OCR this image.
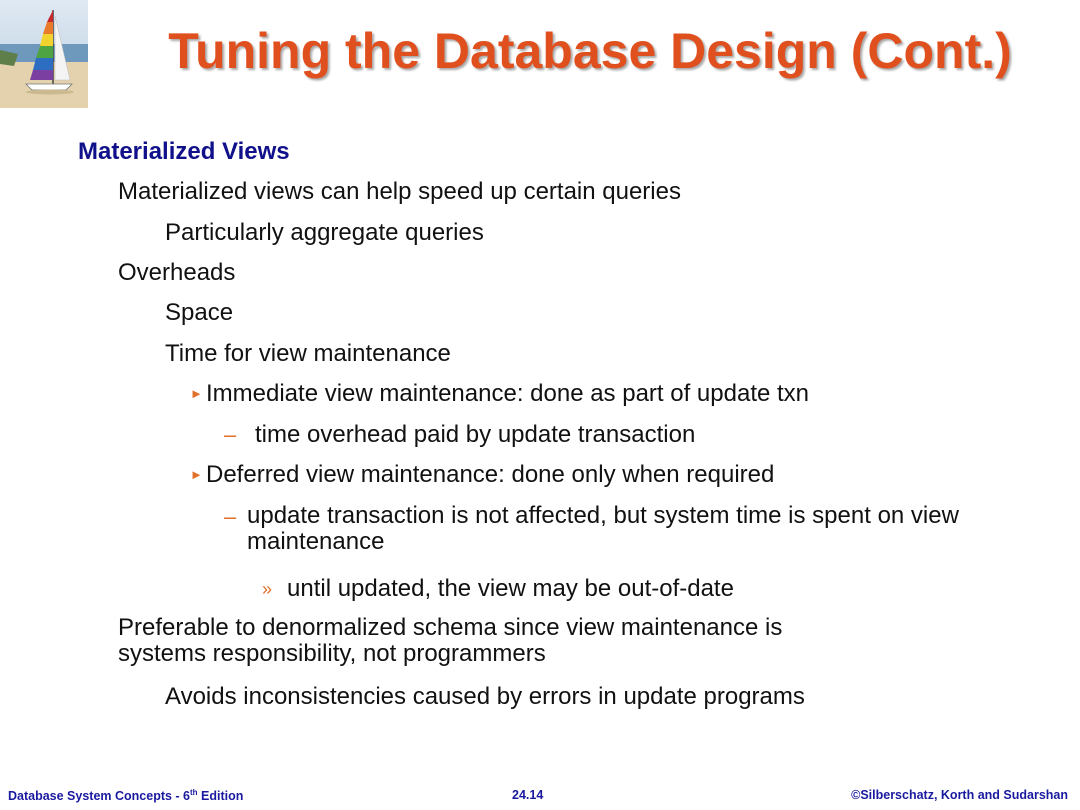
Tuning the Database Design (Cont.)
Materialized Views
Materialized views can help speed up certain queries
Particularly aggregate queries
Overheads
Space
Time for view maintenance
► Immediate view maintenance: done as part of update txn
– time overhead paid by update transaction
► Deferred view maintenance: done only when required
– update transaction is not affected, but system time is spent on view maintenance
» until updated, the view may be out-of-date
Preferable to denormalized schema since view maintenance is systems responsibility, not programmers
Avoids inconsistencies caused by errors in update programs
Database System Concepts - 6th Edition	24.14	©Silberschatz, Korth and Sudarshan
